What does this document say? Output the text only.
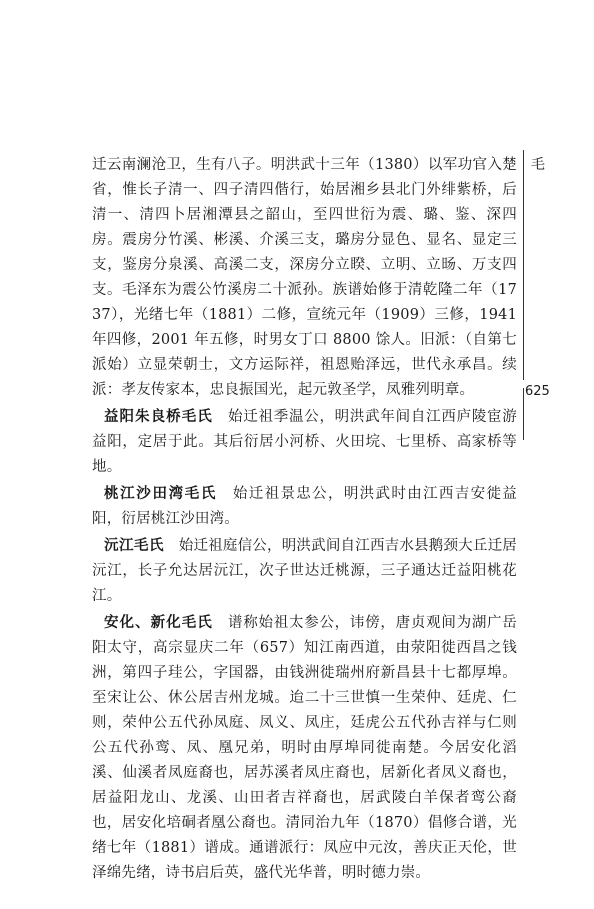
毛
625

迁云南澜沧卫，生有八子。明洪武十三年（1380）以军功官入楚省，惟长子清一、四子清四偕行，始居湘乡县北门外绯紫桥，后清一、清四卜居湘潭县之韶山，至四世衍为震、璐、鉴、深四房。震房分竹溪、彬溪、介溪三支，璐房分显色、显名、显定三支，鉴房分泉溪、高溪二支，深房分立睽、立明、立旸、万支四支。毛泽东为震公竹溪房二十派孙。族谱始修于清乾隆二年（1737），光绪七年（1881）二修，宣统元年（1909）三修，1941 年四修，2001 年五修，时男女丁口 8800 馀人。旧派：（自第七派始）立显荣朝士，文方运际祥，祖恩贻泽远，世代永承昌。续派：孝友传家本，忠良振国光，起元敦圣学，凤雅列明章。

益阳朱良桥毛氏　 始迁祖季温公，明洪武年间自江西庐陵宦游益阳，定居于此。其后衍居小河桥、火田垸、七里桥、高家桥等地。

桃江沙田湾毛氏　 始迁祖景忠公，明洪武时由江西吉安徙益阳，衍居桃江沙田湾。

沅江毛氏　 始迁祖庭信公，明洪武间自江西吉水县鹅颈大丘迁居沅江，长子允达居沅江，次子世达迁桃源，三子通达迁益阳桃花江。

安化、新化毛氏　 谱称始祖太参公，讳傍，唐贞观间为湖广岳阳太守，高宗显庆二年（657）知江南西道，由荥阳徙西昌之钱洲，第四子珪公，字国器，由钱洲徙瑞州府新昌县十七都厚埠。至宋让公、休公居吉州龙城。迨二十三世慎一生荣仲、廷虎、仁则，荣仲公五代孙凤庭、凤义、凤庄，廷虎公五代孙吉祥与仁则公五代孙鸾、凤、凰兄弟，明时由厚埠同徙南楚。今居安化滔溪、仙溪者凤庭裔也，居苏溪者凤庄裔也，居新化者凤义裔也，居益阳龙山、龙溪、山田者吉祥裔也，居武陵白羊保者鸾公裔也，居安化培硐者凰公裔也。清同治九年（1870）倡修合谱，光绪七年（1881）谱成。通谱派行：凤应中元汝，善庆正天伦，世泽绵先绪，诗书启后英，盛代光华普，明时德力崇。
